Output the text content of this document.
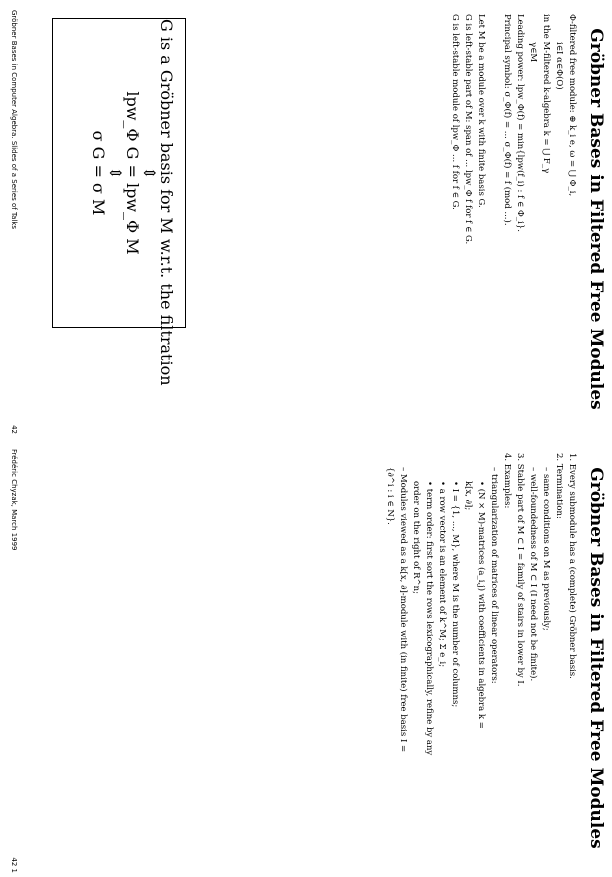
Gröbner Bases in Filtered Free Modules
Φ-filtered free module: ⊕ k_i e, ω = ⋃ Φ_i,
i∈I α∈Φ(O)
in the M-filtered k-algebra k = ⋃ F_γ
γ∈M
Leading power: lpw_Φ(f) = min{lpw(f_i) : f ∈ Φ_i}.
Principal symbol: σ_Φ(f) = ... σ_Φ(f) = f (mod ...).

Let M be a module over k with finite basis G.
G is left-stable part of M: span of ... lpw_Φ f for f ∈ G.
G is left-stable module of lpw_Φ ... f for f ∈ G.
G is a Gröbner basis for M w.r.t. the filtration
⇕
lpw_Φ G = lpw_Φ M
⇕
σ G = σ M
Gröbner Bases in Computer Algebra. Slides of a Series of Talks
42
Gröbner Bases in Filtered Free Modules
1. Every submodule has a (complete) Gröbner basis.
2. Termination:
– same conditions on M as previously;
– well-foundedness of M ⊂ I (I need not be finite).
3. Stable part of M ⊂ I = family of stairs in lower by I.
4. Examples:
– triangularization of matrices of linear operators:
• (N × M)-matrices (a_i,j) with coefficients in algebra k =
k[x, ∂];
• I = {1, ..., M}, where M is the number of columns;
• a row vector is an element of k^M; Σ e_i;
• term order: first sort the rows lexicographically, refine by any
order on the right of R^n;
– Modules viewed as a k[x, ∂]-module with (in finite) free basis I =
{∂^i : i ∈ N}.
Frédéric Chyzak, March 1999
42 1
